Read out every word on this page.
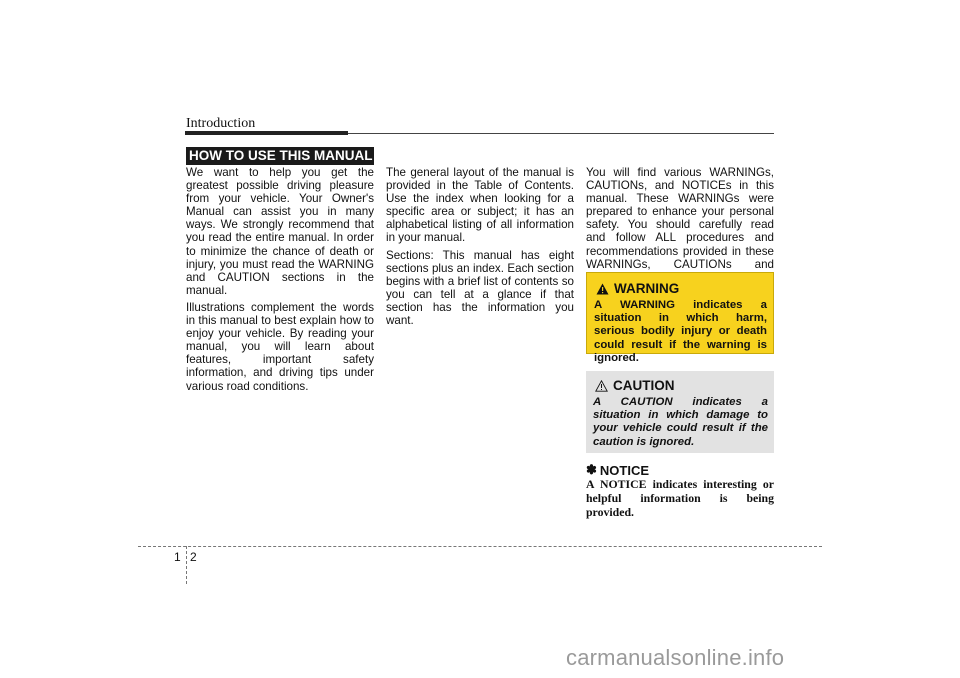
Introduction
HOW TO USE THIS MANUAL

We want to help you get the greatest possible driving pleasure from your vehicle. Your Owner's Manual can assist you in many ways. We strongly recommend that you read the entire manual. In order to minimize the chance of death or injury, you must read the WARNING and CAUTION sections in the manual.

Illustrations complement the words in this manual to best explain how to enjoy your vehicle. By reading your manual, you will learn about features, important safety information, and driving tips under various road conditions.

The general layout of the manual is provided in the Table of Contents. Use the index when looking for a specific area or subject; it has an alphabetical listing of all information in your manual.

Sections: This manual has eight sections plus an index. Each section begins with a brief list of contents so you can tell at a glance if that section has the information you want.

You will find various WARNINGs, CAUTIONs, and NOTICEs in this manual. These WARNINGs were prepared to enhance your personal safety. You should carefully read and follow ALL procedures and recommendations provided in these WARNINGs, CAUTIONs and

WARNING
A WARNING indicates a situation in which harm, serious bodily injury or death could result if the warning is ignored.
CAUTION
A CAUTION indicates a situation in which damage to your vehicle could result if the caution is ignored.
✽ NOTICE
A NOTICE indicates interesting or helpful information is being provided.
1 2
carmanualsonline.info
